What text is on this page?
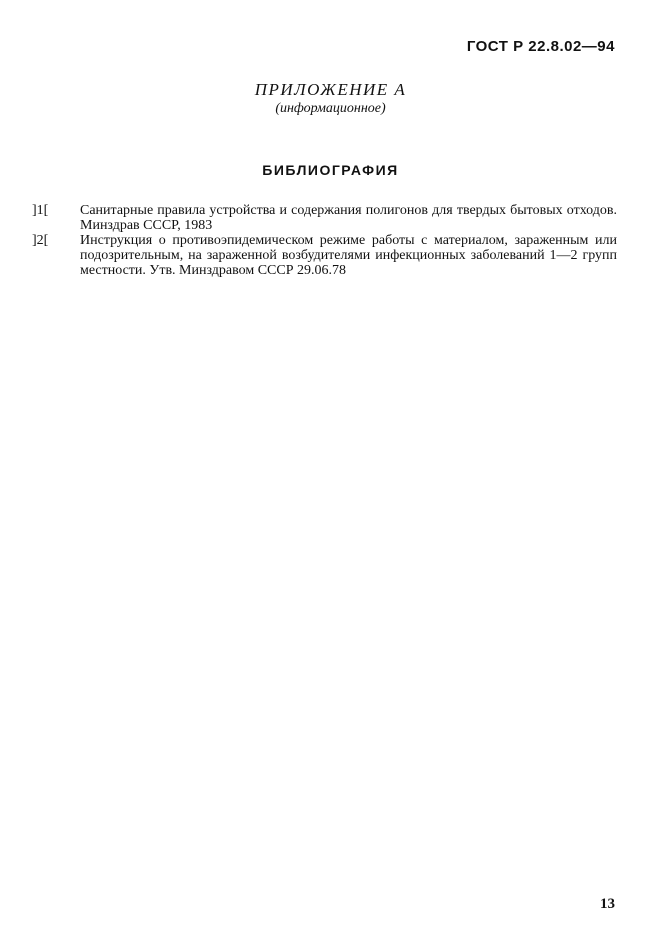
ГОСТ Р 22.8.02—94
ПРИЛОЖЕНИЕ А
(информационное)
БИБЛИОГРАФИЯ
]1[	Санитарные правила устройства и содержания полигонов для твердых бытовых отходов. Минздрав СССР, 1983
]2[	Инструкция о противоэпидемическом режиме работы с материалом, зараженным или подозрительным, на зараженной возбудителями инфекционных заболеваний 1—2 групп местности. Утв. Минздравом СССР 29.06.78
13
